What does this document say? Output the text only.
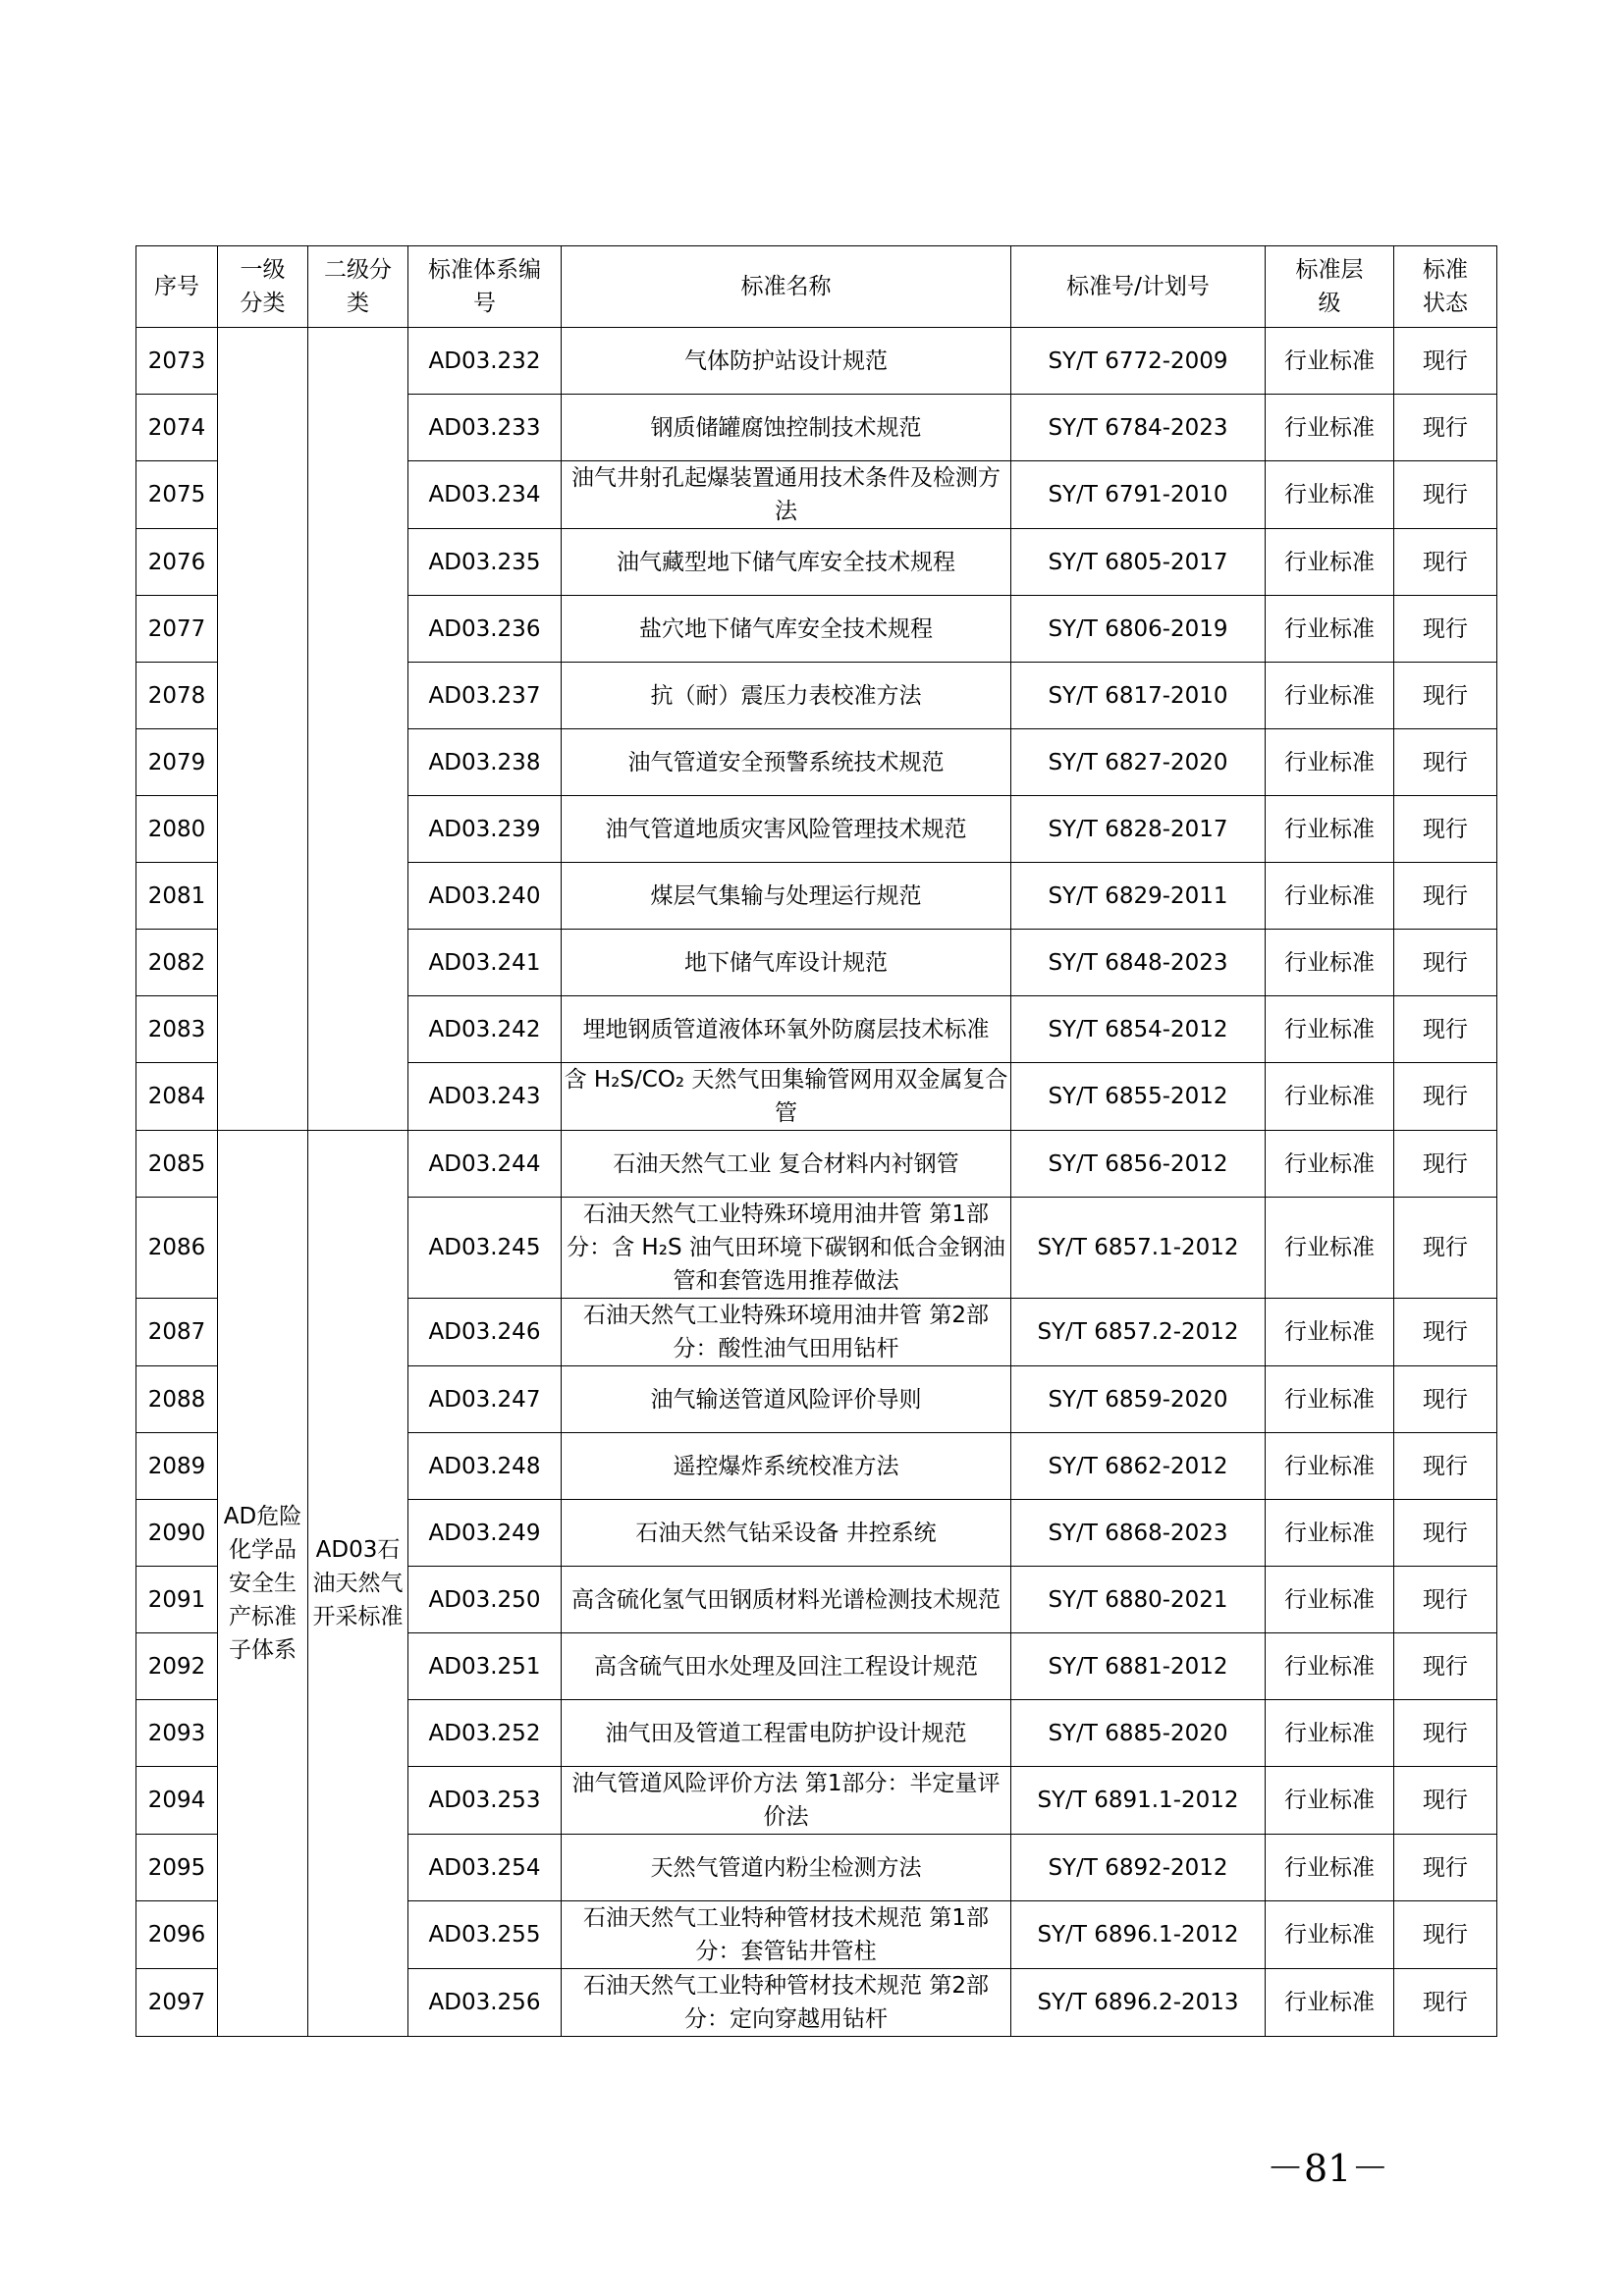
序号	一级分类	二级分类	标准体系编号	标准名称	标准号/计划号	标准层级	标准状态
2073			AD03.232	气体防护站设计规范	SY/T 6772-2009	行业标准	现行
2074			AD03.233	钢质储罐腐蚀控制技术规范	SY/T 6784-2023	行业标准	现行
2075			AD03.234	油气井射孔起爆装置通用技术条件及检测方法	SY/T 6791-2010	行业标准	现行
2076			AD03.235	油气藏型地下储气库安全技术规程	SY/T 6805-2017	行业标准	现行
2077			AD03.236	盐穴地下储气库安全技术规程	SY/T 6806-2019	行业标准	现行
2078			AD03.237	抗（耐）震压力表校准方法	SY/T 6817-2010	行业标准	现行
2079			AD03.238	油气管道安全预警系统技术规范	SY/T 6827-2020	行业标准	现行
2080			AD03.239	油气管道地质灾害风险管理技术规范	SY/T 6828-2017	行业标准	现行
2081			AD03.240	煤层气集输与处理运行规范	SY/T 6829-2011	行业标准	现行
2082			AD03.241	地下储气库设计规范	SY/T 6848-2023	行业标准	现行
2083			AD03.242	埋地钢质管道液体环氧外防腐层技术标准	SY/T 6854-2012	行业标准	现行
2084			AD03.243	含 H₂S/CO₂ 天然气田集输管网用双金属复合管	SY/T 6855-2012	行业标准	现行
2085	AD危险化学品安全生产标准子体系	AD03石油天然气开采标准	AD03.244	石油天然气工业 复合材料内衬钢管	SY/T 6856-2012	行业标准	现行
2086			AD03.245	石油天然气工业特殊环境用油井管 第1部分：含 H₂S 油气田环境下碳钢和低合金钢油管和套管选用推荐做法	SY/T 6857.1-2012	行业标准	现行
2087			AD03.246	石油天然气工业特殊环境用油井管 第2部分：酸性油气田用钻杆	SY/T 6857.2-2012	行业标准	现行
2088			AD03.247	油气输送管道风险评价导则	SY/T 6859-2020	行业标准	现行
2089			AD03.248	遥控爆炸系统校准方法	SY/T 6862-2012	行业标准	现行
2090			AD03.249	石油天然气钻采设备 井控系统	SY/T 6868-2023	行业标准	现行
2091			AD03.250	高含硫化氢气田钢质材料光谱检测技术规范	SY/T 6880-2021	行业标准	现行
2092			AD03.251	高含硫气田水处理及回注工程设计规范	SY/T 6881-2012	行业标准	现行
2093			AD03.252	油气田及管道工程雷电防护设计规范	SY/T 6885-2020	行业标准	现行
2094			AD03.253	油气管道风险评价方法 第1部分：半定量评价法	SY/T 6891.1-2012	行业标准	现行
2095			AD03.254	天然气管道内粉尘检测方法	SY/T 6892-2012	行业标准	现行
2096			AD03.255	石油天然气工业特种管材技术规范 第1部分：套管钻井管柱	SY/T 6896.1-2012	行业标准	现行
2097			AD03.256	石油天然气工业特种管材技术规范 第2部分：定向穿越用钻杆	SY/T 6896.2-2013	行业标准	现行
－81－
